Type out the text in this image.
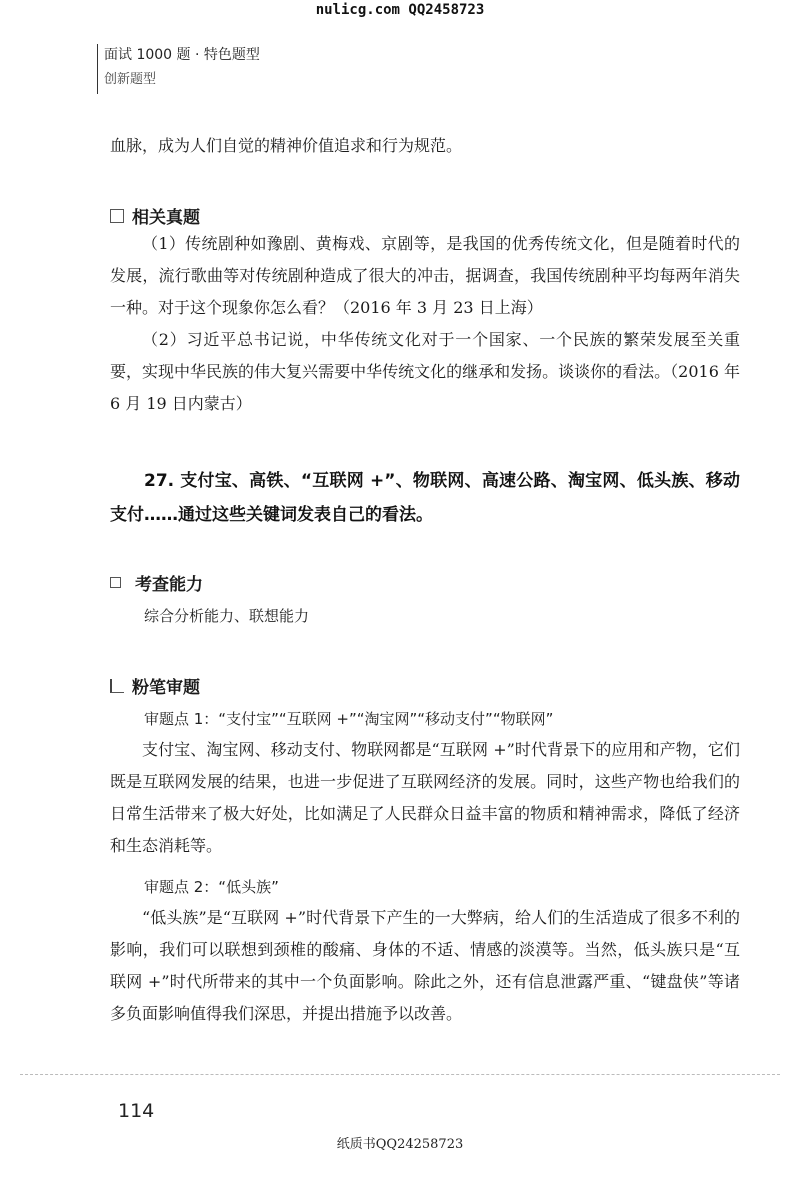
nulicg.com QQ2458723
面试 1000 题 · 特色题型
创新题型
血脉，成为人们自觉的精神价值追求和行为规范。
相关真题
（1）传统剧种如豫剧、黄梅戏、京剧等，是我国的优秀传统文化，但是随着时代的发展，流行歌曲等对传统剧种造成了很大的冲击，据调查，我国传统剧种平均每两年消失一种。对于这个现象你怎么看？（2016 年 3 月 23 日上海）
（2）习近平总书记说，中华传统文化对于一个国家、一个民族的繁荣发展至关重要，实现中华民族的伟大复兴需要中华传统文化的继承和发扬。谈谈你的看法。（2016 年 6 月 19 日内蒙古）
27. 支付宝、高铁、“互联网 +”、物联网、高速公路、淘宝网、低头族、移动支付……通过这些关键词发表自己的看法。
考查能力
综合分析能力、联想能力
粉笔审题
审题点 1：“支付宝”“互联网 +”“淘宝网”“移动支付”“物联网”
支付宝、淘宝网、移动支付、物联网都是“互联网 +”时代背景下的应用和产物，它们既是互联网发展的结果，也进一步促进了互联网经济的发展。同时，这些产物也给我们的日常生活带来了极大好处，比如满足了人民群众日益丰富的物质和精神需求，降低了经济和生态消耗等。
审题点 2：“低头族”
“低头族”是“互联网 +”时代背景下产生的一大弊病，给人们的生活造成了很多不利的影响，我们可以联想到颈椎的酸痛、身体的不适、情感的淡漠等。当然，低头族只是“互联网 +”时代所带来的其中一个负面影响。除此之外，还有信息泄露严重、“键盘侠”等诸多负面影响值得我们深思，并提出措施予以改善。
114
纸质书QQ24258723
